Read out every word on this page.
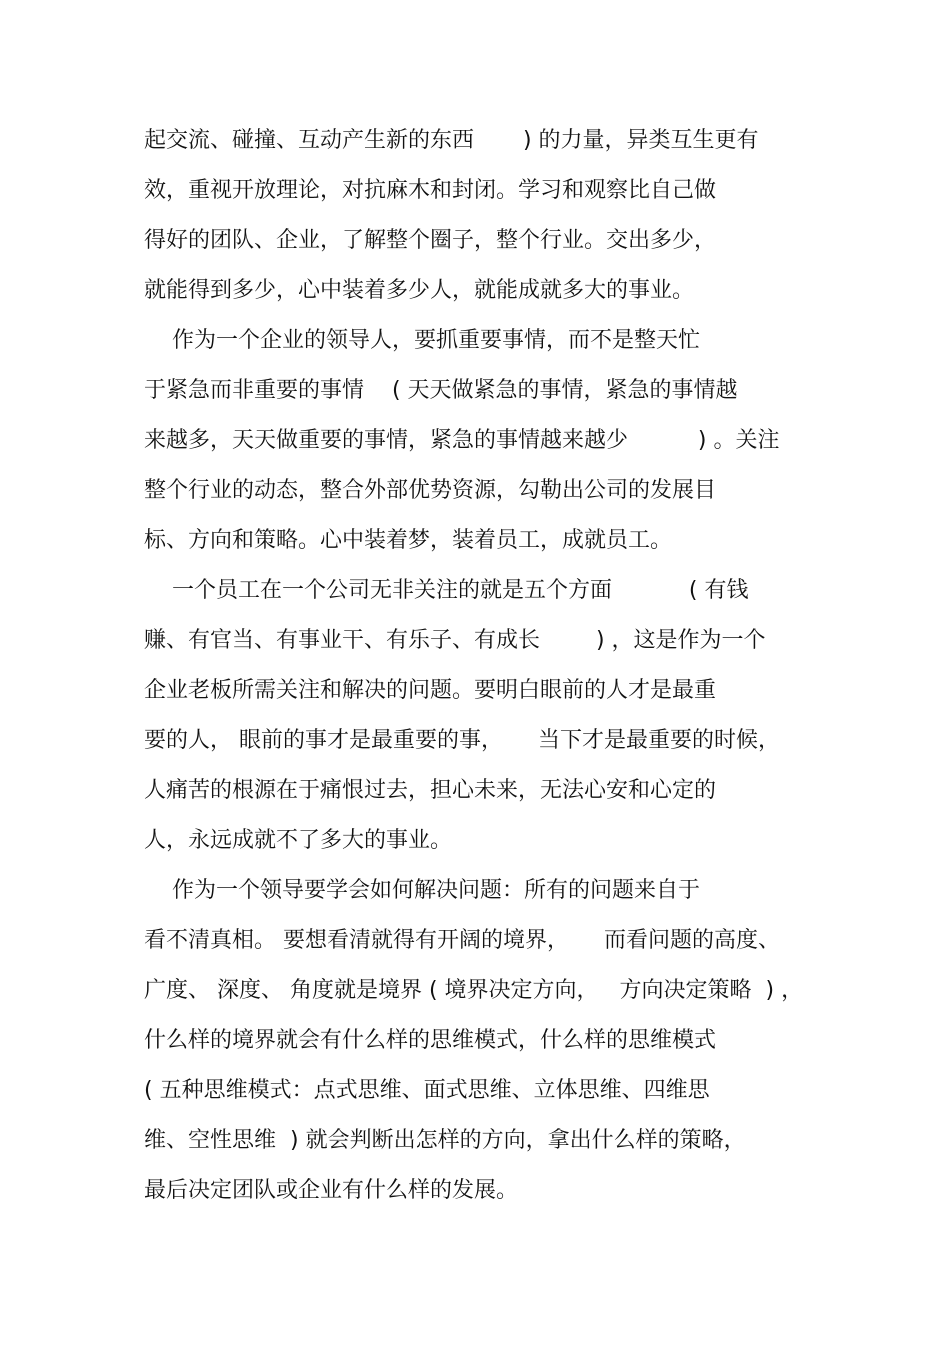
起交流、碰撞、互动产生新的东西       ) 的力量，异类互生更有
效，重视开放理论，对抗麻木和封闭。学习和观察比自己做
得好的团队、企业，了解整个圈子，整个行业。交出多少，
就能得到多少，心中装着多少人，就能成就多大的事业。
作为一个企业的领导人，要抓重要事情，而不是整天忙
于紧急而非重要的事情    ( 天天做紧急的事情，紧急的事情越
来越多，天天做重要的事情，紧急的事情越来越少          ) 。关注
整个行业的动态，整合外部优势资源，勾勒出公司的发展目
标、方向和策略。心中装着梦，装着员工，成就员工。
一个员工在一个公司无非关注的就是五个方面           ( 有钱
赚、有官当、有事业干、有乐子、有成长        ) ，这是作为一个
企业老板所需关注和解决的问题。要明白眼前的人才是最重
要的人， 眼前的事才是最重要的事，     当下才是最重要的时候，
人痛苦的根源在于痛恨过去，担心未来，无法心安和心定的
人，永远成就不了多大的事业。
作为一个领导要学会如何解决问题：所有的问题来自于
看不清真相。 要想看清就得有开阔的境界，     而看问题的高度、
广度、 深度、 角度就是境界 ( 境界决定方向，   方向决定策略  ) ，
什么样的境界就会有什么样的思维模式，什么样的思维模式
( 五种思维模式：点式思维、面式思维、立体思维、四维思
维、空性思维  ) 就会判断出怎样的方向，拿出什么样的策略，
最后决定团队或企业有什么样的发展。
